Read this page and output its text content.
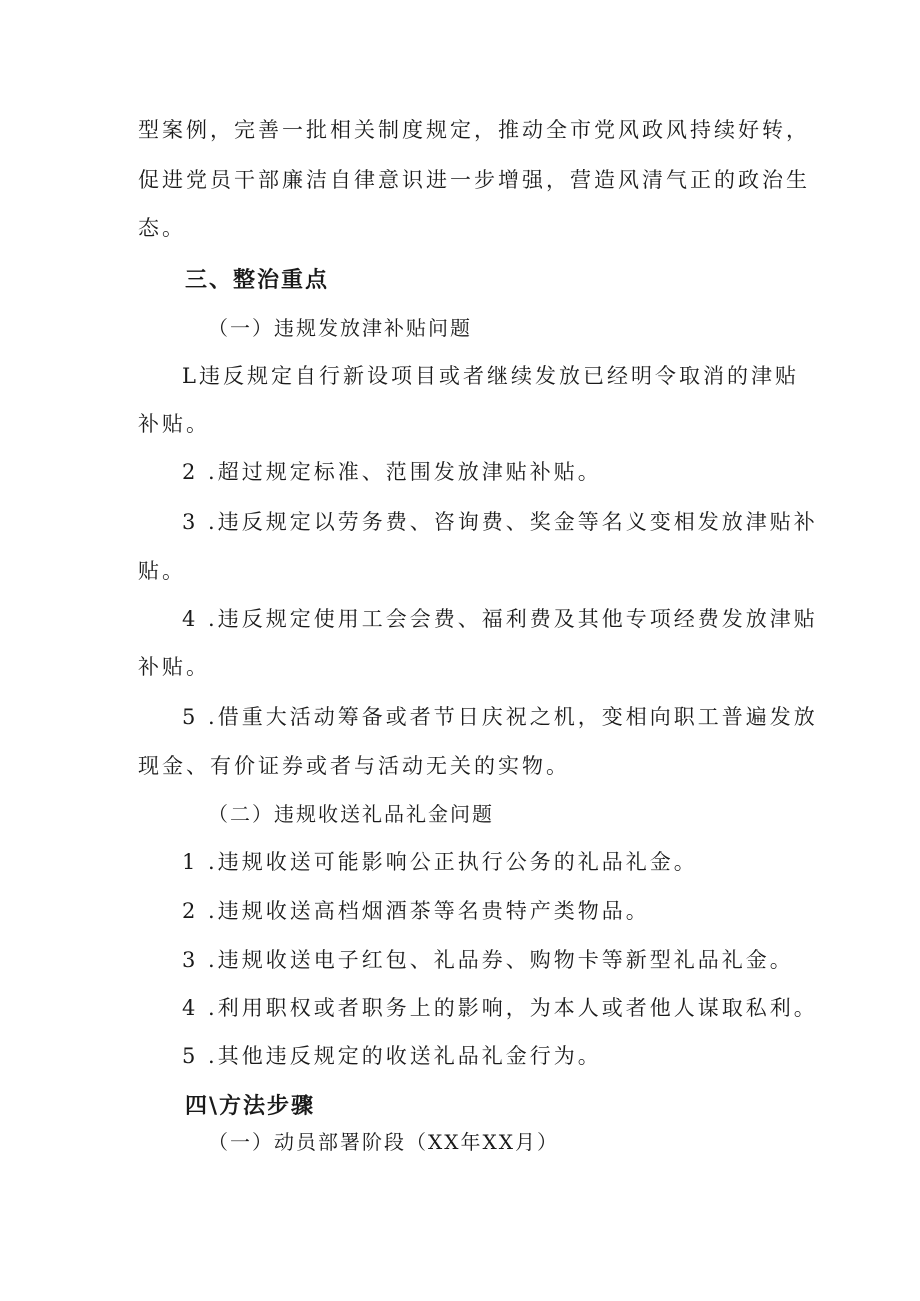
型案例，完善一批相关制度规定，推动全市党风政风持续好转，
促进党员干部廉洁自律意识进一步增强，营造风清气正的政治生
态。
三、整治重点
（一）违规发放津补贴问题
L违反规定自行新设项目或者继续发放已经明令取消的津贴
补贴。
2 .超过规定标准、范围发放津贴补贴。
3 .违反规定以劳务费、咨询费、奖金等名义变相发放津贴补
贴。
4 .违反规定使用工会会费、福利费及其他专项经费发放津贴
补贴。
5 .借重大活动筹备或者节日庆祝之机，变相向职工普遍发放
现金、有价证券或者与活动无关的实物。
（二）违规收送礼品礼金问题
1 .违规收送可能影响公正执行公务的礼品礼金。
2 .违规收送高档烟酒茶等名贵特产类物品。
3 .违规收送电子红包、礼品券、购物卡等新型礼品礼金。
4 .利用职权或者职务上的影响，为本人或者他人谋取私利。
5 .其他违反规定的收送礼品礼金行为。
四\方法步骤
（一）动员部署阶段（XX年XX月）
